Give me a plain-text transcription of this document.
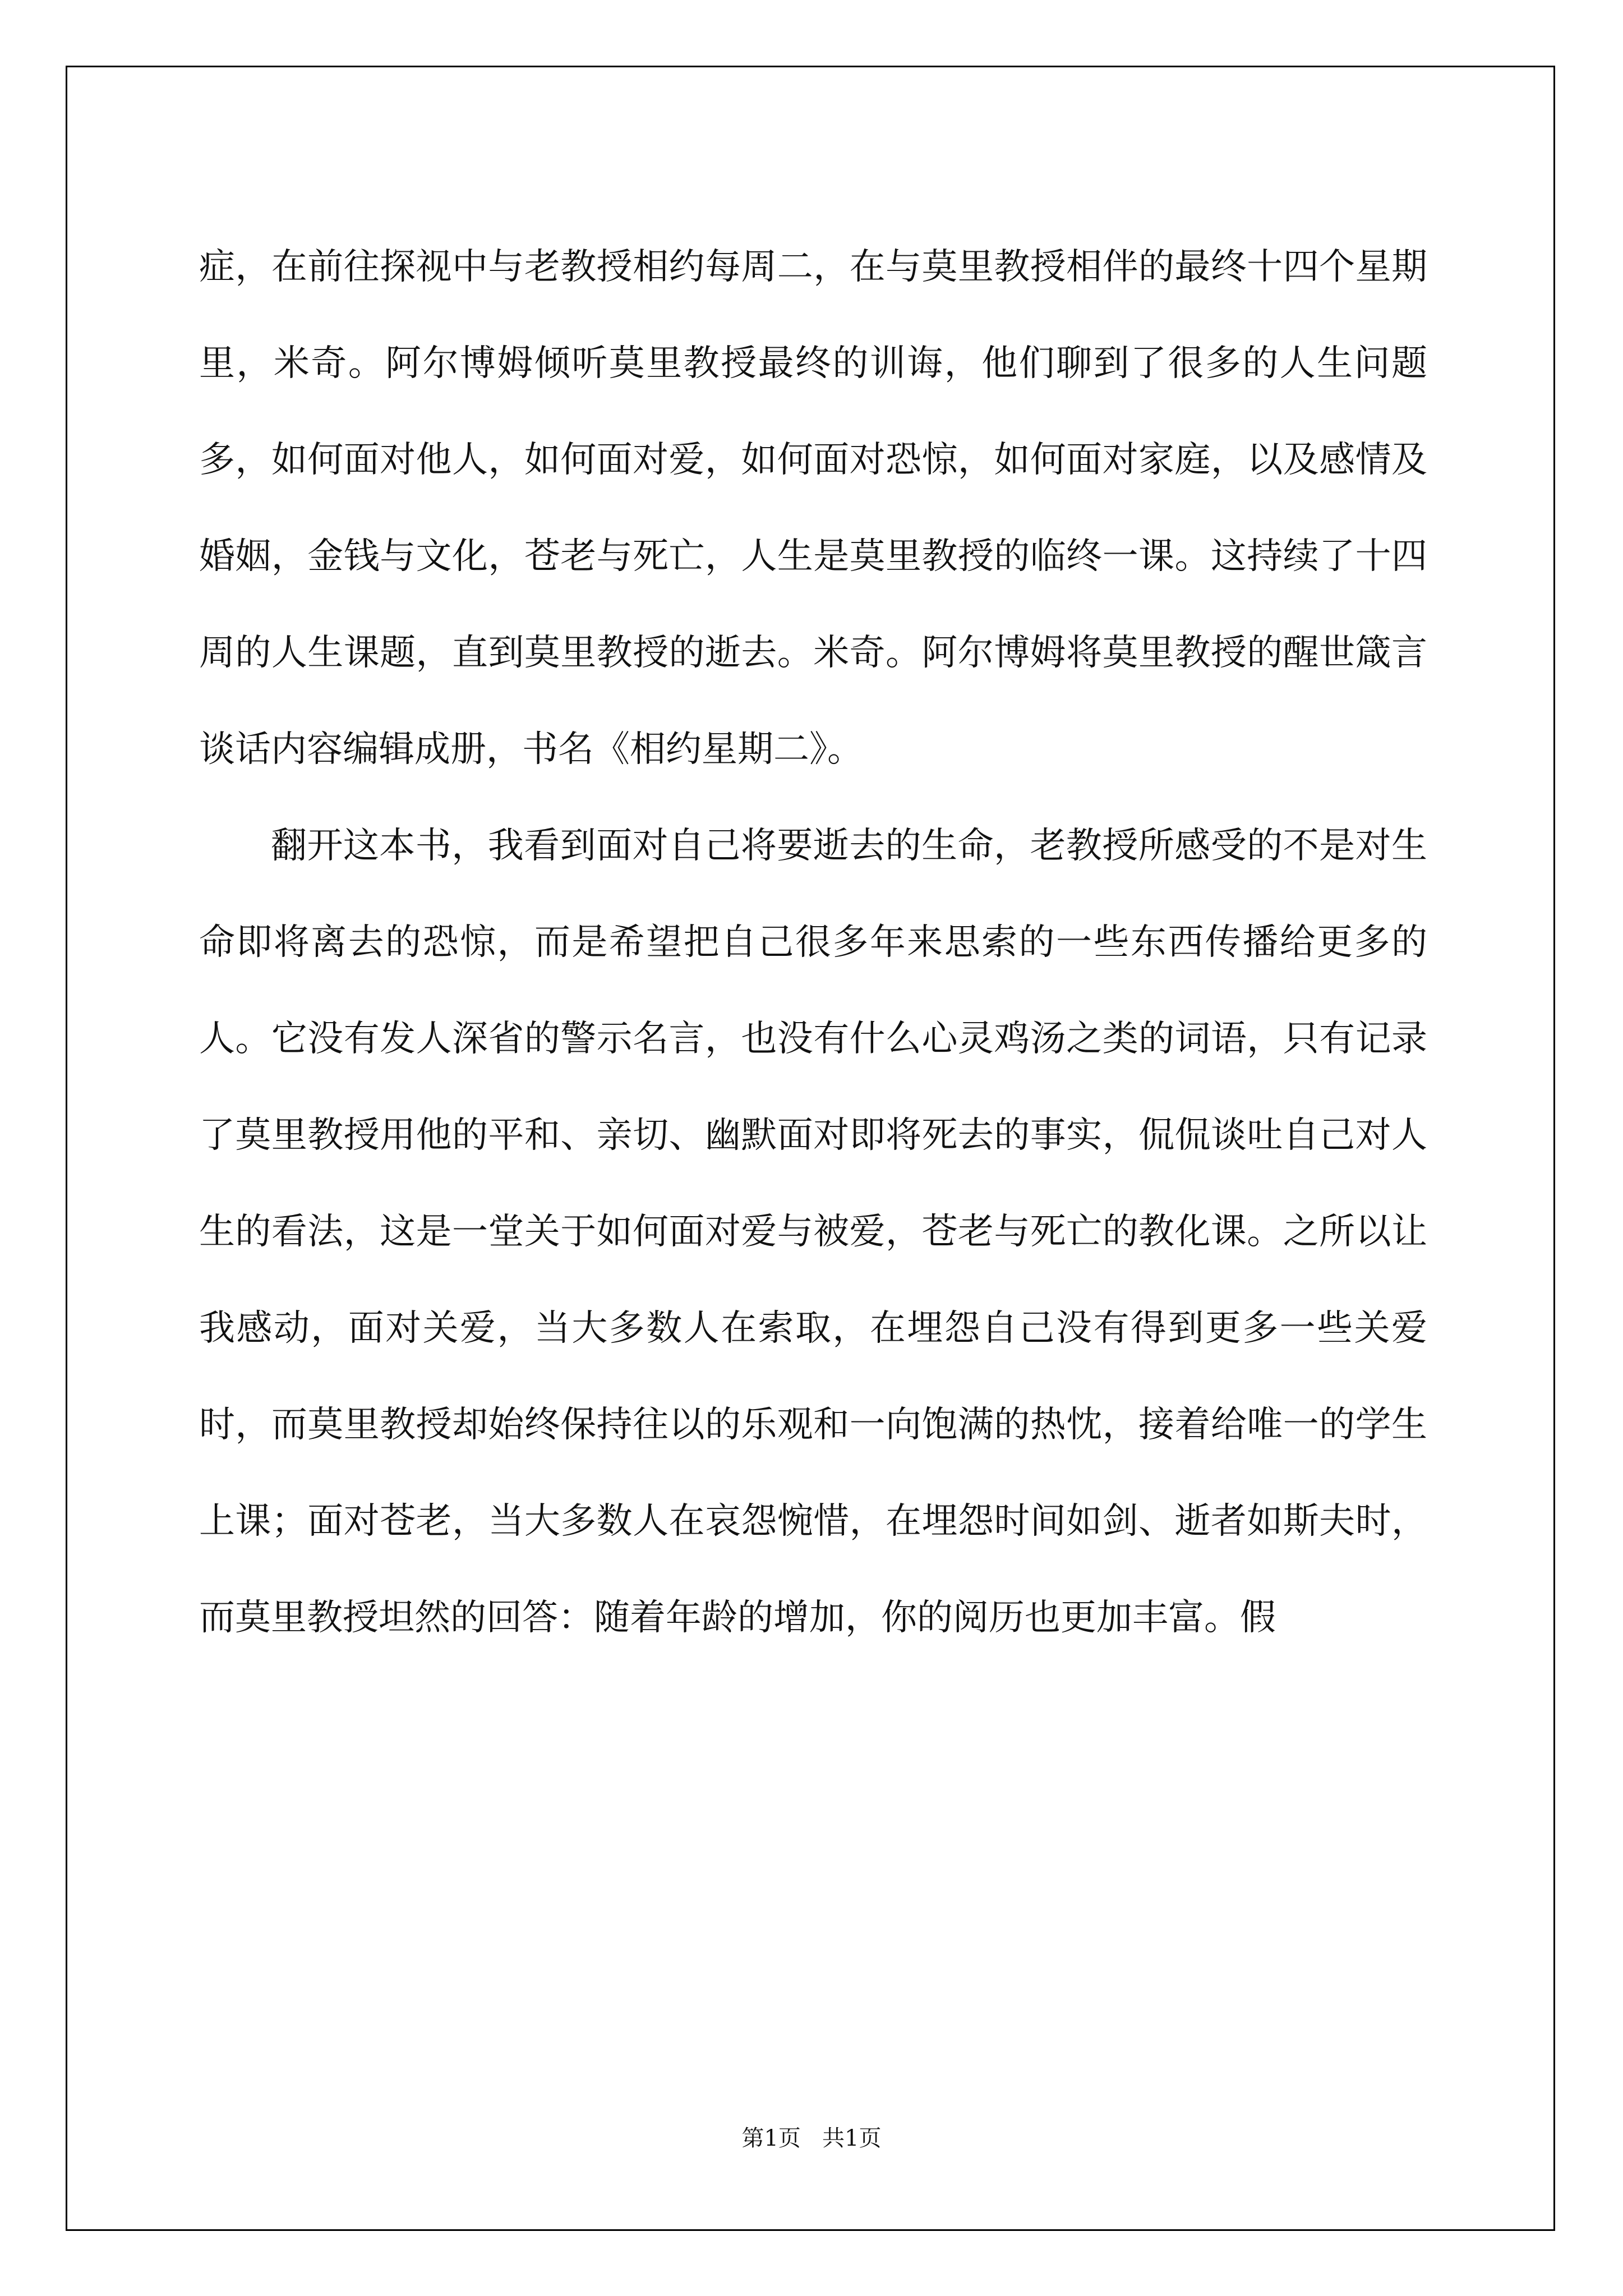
症，在前往探视中与老教授相约每周二，在与莫里教授相伴的最终十四个星期里，米奇。阿尔博姆倾听莫里教授最终的训诲，他们聊到了很多的人生问题多，如何面对他人，如何面对爱，如何面对恐惊，如何面对家庭，以及感情及婚姻，金钱与文化，苍老与死亡，人生是莫里教授的临终一课。这持续了十四周的人生课题，直到莫里教授的逝去。米奇。阿尔博姆将莫里教授的醒世箴言谈话内容编辑成册，书名《相约星期二》。

翻开这本书，我看到面对自己将要逝去的生命，老教授所感受的不是对生命即将离去的恐惊，而是希望把自己很多年来思索的一些东西传播给更多的人。它没有发人深省的警示名言，也没有什么心灵鸡汤之类的词语，只有记录了莫里教授用他的平和、亲切、幽默面对即将死去的事实，侃侃谈吐自己对人生的看法，这是一堂关于如何面对爱与被爱，苍老与死亡的教化课。之所以让我感动，面对关爱，当大多数人在索取，在埋怨自己没有得到更多一些关爱时，而莫里教授却始终保持往以的乐观和一向饱满的热忱，接着给唯一的学生上课；面对苍老，当大多数人在哀怨惋惜，在埋怨时间如剑、逝者如斯夫时，而莫里教授坦然的回答：随着年龄的增加，你的阅历也更加丰富。假

第1页   共1页
